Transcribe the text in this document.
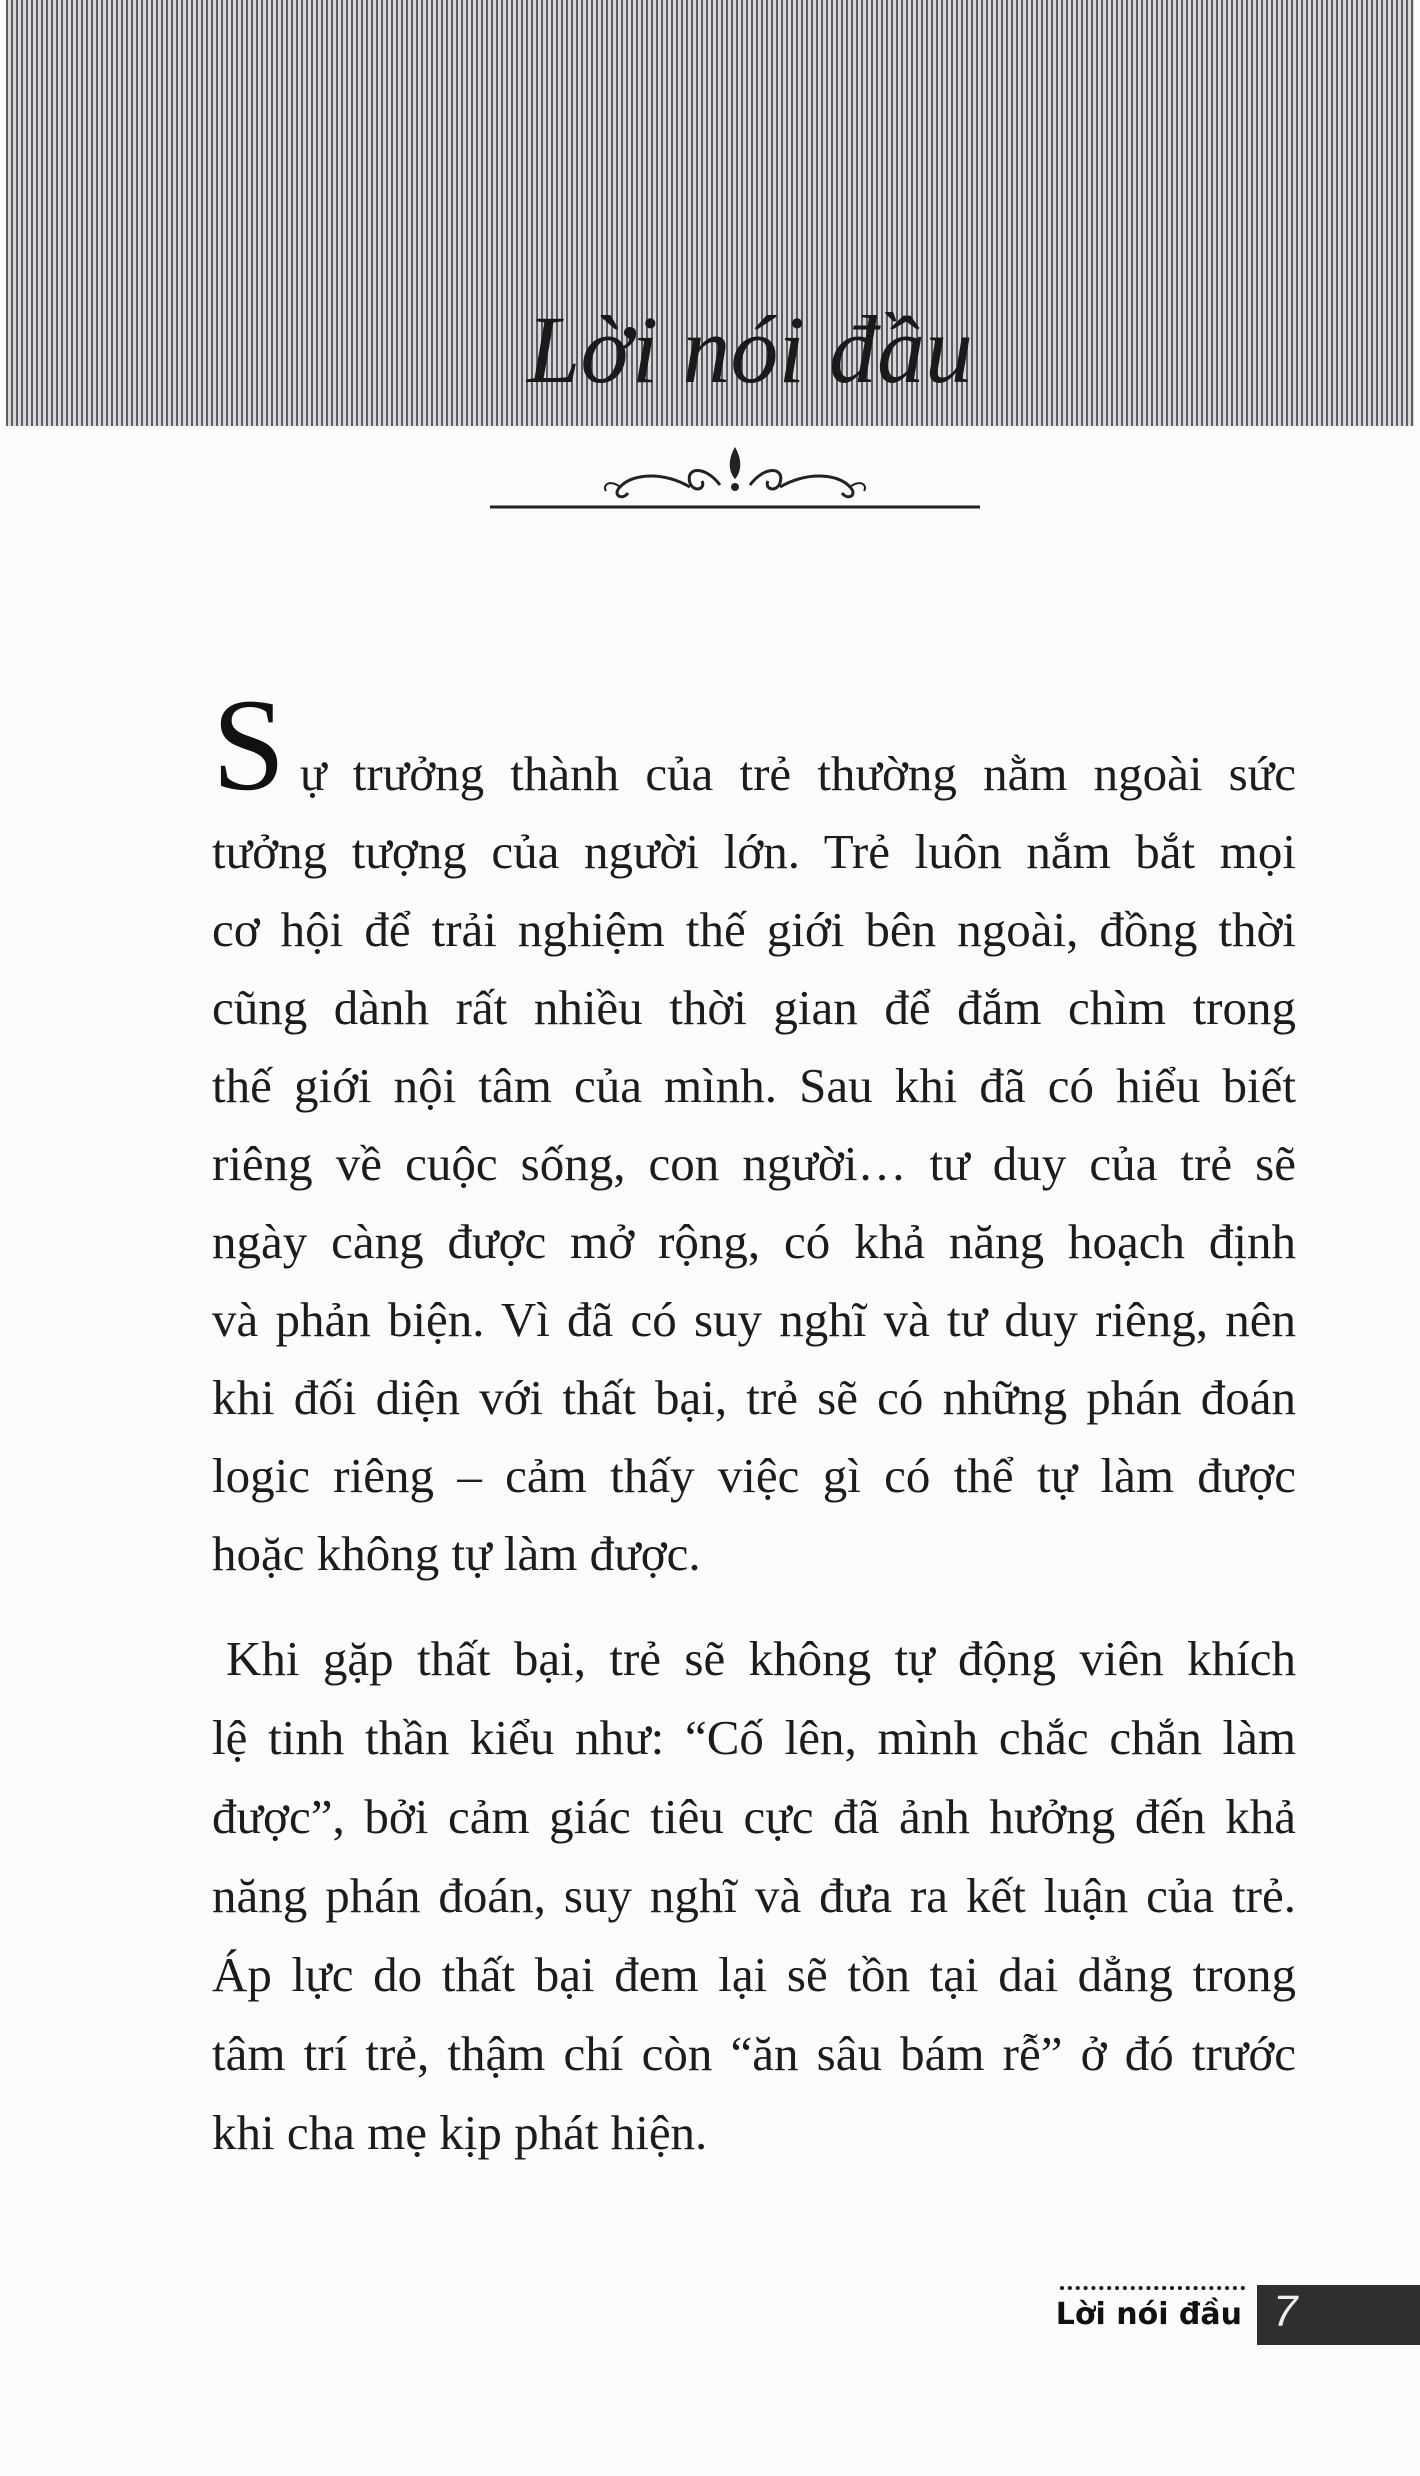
Lời nói đầu
S ự trưởng thành của trẻ thường nằm ngoài sức
tưởng tượng của người lớn. Trẻ luôn nắm bắt mọi
cơ hội để trải nghiệm thế giới bên ngoài, đồng thời
cũng dành rất nhiều thời gian để đắm chìm trong
thế giới nội tâm của mình. Sau khi đã có hiểu biết
riêng về cuộc sống, con người… tư duy của trẻ sẽ
ngày càng được mở rộng, có khả năng hoạch định
và phản biện. Vì đã có suy nghĩ và tư duy riêng, nên
khi đối diện với thất bại, trẻ sẽ có những phán đoán
logic riêng – cảm thấy việc gì có thể tự làm được
hoặc không tự làm được.
Khi gặp thất bại, trẻ sẽ không tự động viên khích
lệ tinh thần kiểu như: “Cố lên, mình chắc chắn làm
được”, bởi cảm giác tiêu cực đã ảnh hưởng đến khả
năng phán đoán, suy nghĩ và đưa ra kết luận của trẻ.
Áp lực do thất bại đem lại sẽ tồn tại dai dẳng trong
tâm trí trẻ, thậm chí còn “ăn sâu bám rễ” ở đó trước
khi cha mẹ kịp phát hiện.
Lời nói đầu 7
